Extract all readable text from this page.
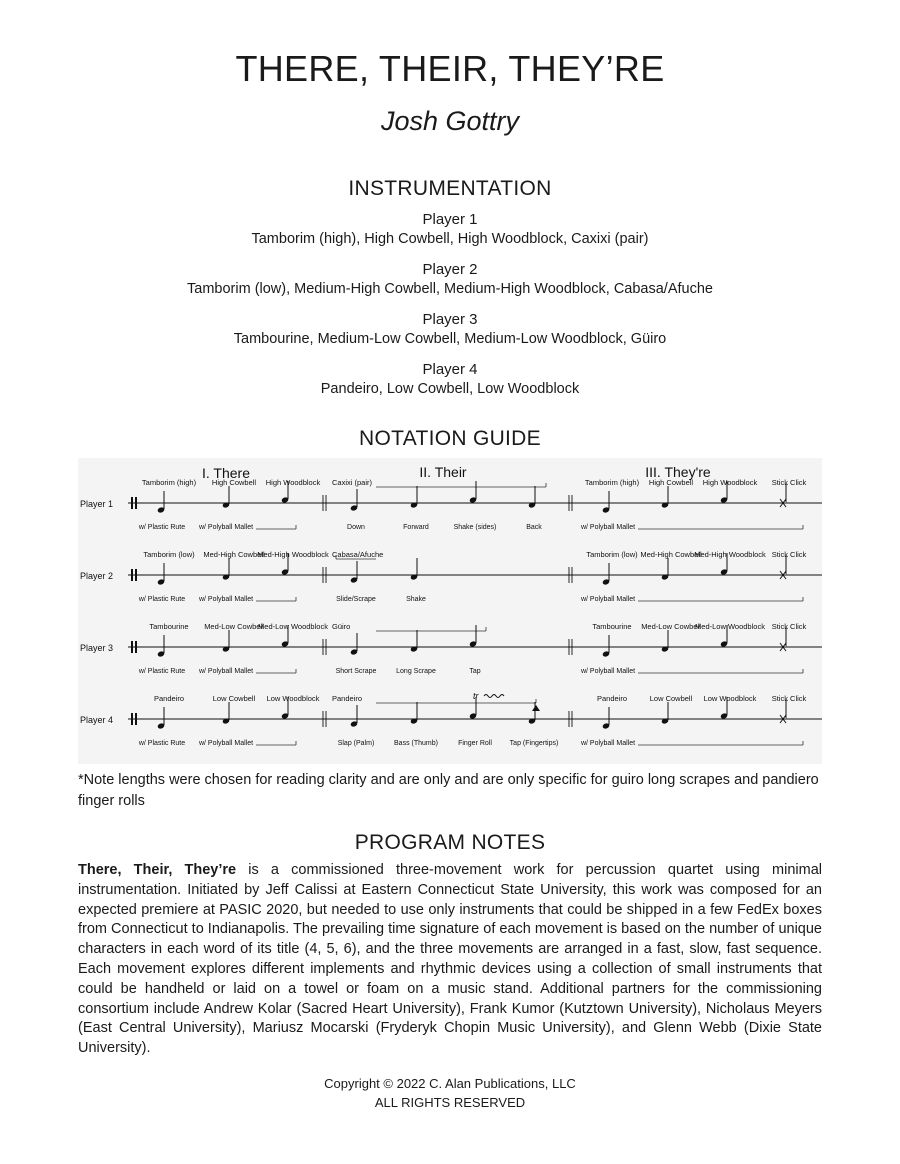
THERE, THEIR, THEY’RE
Josh Gottry
INSTRUMENTATION
Player 1
Tamborim (high), High Cowbell, High Woodblock, Caxixi (pair)
Player 2
Tamborim (low), Medium-High Cowbell, Medium-High Woodblock, Cabasa/Afuche
Player 3
Tambourine, Medium-Low Cowbell, Medium-Low Woodblock, Güiro
Player 4
Pandeiro, Low Cowbell, Low Woodblock
NOTATION GUIDE
I. There	II. Their	III. They're
Player 1
Tamborim (high) High Cowbell High Woodblock
w/ Plastic Rute w/ Polyball Mallet
Caxixi (pair)
Down	Forward	Shake (sides)	Back
Tamborim (high) High Cowbell High Woodblock Stick Click
w/ Polyball Mallet
Player 2
Tamborim (low) Med-High Cowbell
Med-High Woodblock
w/ Plastic Rute w/ Polyball Mallet
Cabasa/Afuche
Slide/Scrape	Shake
Tamborim (low) Med-High Cowbell
Med-High Woodblock Stick Click
w/ Polyball Mallet
Player 3
Tambourine Med-Low Cowbell
Med-Low Woodblock
w/ Plastic Rute w/ Polyball Mallet
Güiro
Short Scrape	Long Scrape	Tap
Tambourine Med-Low Cowbell
Med-Low Woodblock Stick Click
w/ Polyball Mallet
Player 4
Pandeiro	Low Cowbell Low Woodblock
w/ Plastic Rute w/ Polyball Mallet
Pandeiro
Slap (Palm)	Bass (Thumb)	Finger Roll	Tap (Fingertips)
tr	Pandeiro	Low Cowbell Low Woodblock Stick Click
w/ Polyball Mallet
*Note lengths were chosen for reading clarity and are only and are only specific for guiro long scrapes and pandiero finger rolls
PROGRAM NOTES
There, Their, They’re is a commissioned three-movement work for percussion quartet using minimal instrumentation. Initiated by Jeff Calissi at Eastern Connecticut State University, this work was composed for an expected premiere at PASIC 2020, but needed to use only instruments that could be shipped in a few FedEx boxes from Connecticut to Indianapolis. The prevailing time signature of each movement is based on the number of unique characters in each word of its title (4, 5, 6), and the three movements are arranged in a fast, slow, fast sequence. Each movement explores different implements and rhythmic devices using a collection of small instruments that could be handheld or laid on a towel or foam on a music stand. Additional partners for the commissioning consortium include Andrew Kolar (Sacred Heart University), Frank Kumor (Kutztown University), Nicholaus Meyers (East Central University), Mariusz Mocarski (Fryderyk Chopin Music University), and Glenn Webb (Dixie State University).
Copyright © 2022 C. Alan Publications, LLC
ALL RIGHTS RESERVED
